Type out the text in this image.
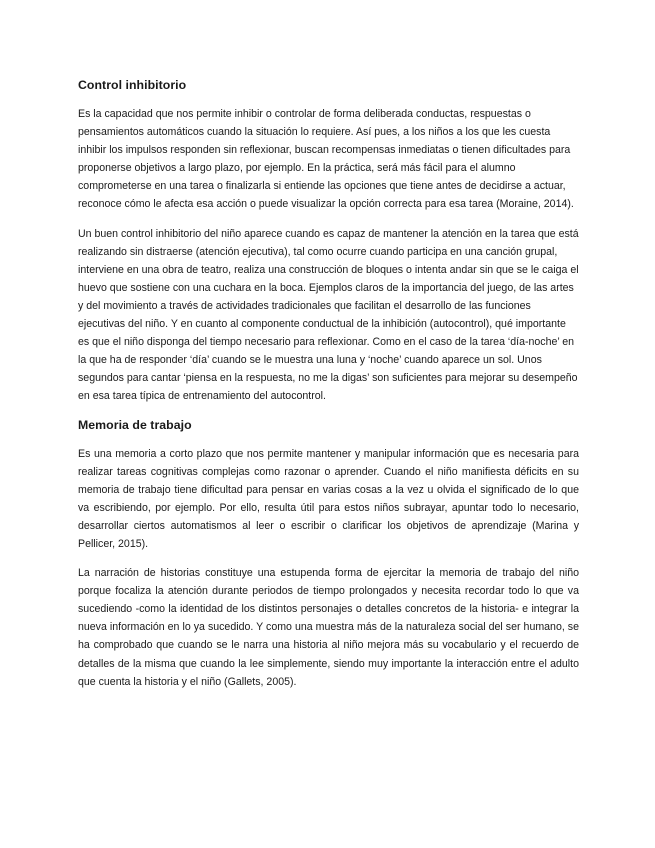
Control inhibitorio

Es la capacidad que nos permite inhibir o controlar de forma deliberada conductas, respuestas o pensamientos automáticos cuando la situación lo requiere. Así pues, a los niños a los que les cuesta inhibir los impulsos responden sin reflexionar, buscan recompensas inmediatas o tienen dificultades para proponerse objetivos a largo plazo, por ejemplo. En la práctica, será más fácil para el alumno comprometerse en una tarea o finalizarla si entiende las opciones que tiene antes de decidirse a actuar, reconoce cómo le afecta esa acción o puede visualizar la opción correcta para esa tarea (Moraine, 2014).

Un buen control inhibitorio del niño aparece cuando es capaz de mantener la atención en la tarea que está realizando sin distraerse (atención ejecutiva), tal como ocurre cuando participa en una canción grupal, interviene en una obra de teatro, realiza una construcción de bloques o intenta andar sin que se le caiga el huevo que sostiene con una cuchara en la boca. Ejemplos claros de la importancia del juego, de las artes y del movimiento a través de actividades tradicionales que facilitan el desarrollo de las funciones ejecutivas del niño. Y en cuanto al componente conductual de la inhibición (autocontrol), qué importante es que el niño disponga del tiempo necesario para reflexionar. Como en el caso de la tarea ‘día-noche’ en la que ha de responder ‘día’ cuando se le muestra una luna y ‘noche’ cuando aparece un sol. Unos segundos para cantar ‘piensa en la respuesta, no me la digas’ son suficientes para mejorar su desempeño en esa tarea típica de entrenamiento del autocontrol.

Memoria de trabajo

Es una memoria a corto plazo que nos permite mantener y manipular información que es necesaria para realizar tareas cognitivas complejas como razonar o aprender. Cuando el niño manifiesta déficits en su memoria de trabajo tiene dificultad para pensar en varias cosas a la vez u olvida el significado de lo que va escribiendo, por ejemplo. Por ello, resulta útil para estos niños subrayar, apuntar todo lo necesario, desarrollar ciertos automatismos al leer o escribir o clarificar los objetivos de aprendizaje (Marina y Pellicer, 2015).

La narración de historias constituye una estupenda forma de ejercitar la memoria de trabajo del niño porque focaliza la atención durante periodos de tiempo prolongados y necesita recordar todo lo que va sucediendo -como la identidad de los distintos personajes o detalles concretos de la historia- e integrar la nueva información en lo ya sucedido. Y como una muestra más de la naturaleza social del ser humano, se ha comprobado que cuando se le narra una historia al niño mejora más su vocabulario y el recuerdo de detalles de la misma que cuando la lee simplemente, siendo muy importante la interacción entre el adulto que cuenta la historia y el niño (Gallets, 2005).
